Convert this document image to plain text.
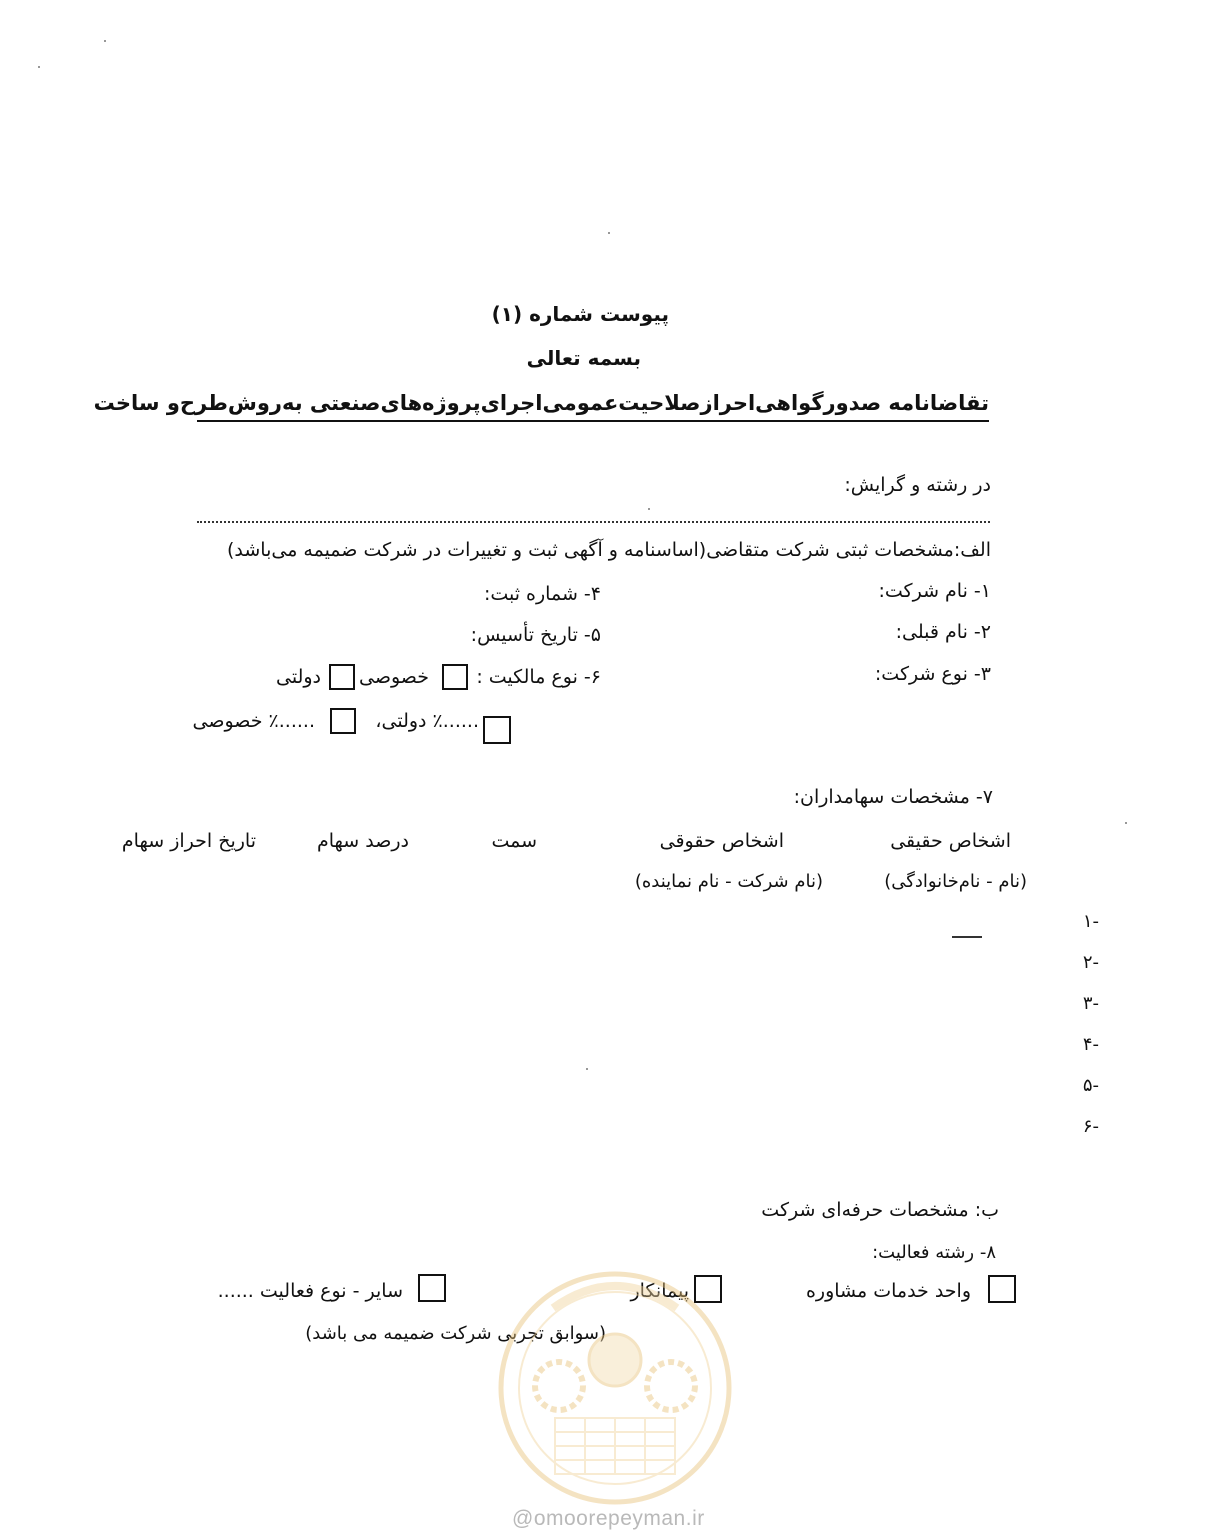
پیوست شماره (۱)
بسمه تعالی
تقاضانامه صدورگواهی‌احرازصلاحیت‌عمومی‌اجرای‌پروژه‌های‌صنعتی به‌روش‌طرح‌و ساخت
در رشته و گرایش:
الف:مشخصات ثبتی شرکت متقاضی(اساسنامه و آگهی ثبت و تغییرات در شرکت ضمیمه می‌باشد)
۱- نام شرکت:
۴- شماره ثبت:
۲- نام قبلی:
۵- تاریخ تأسیس:
۳- نوع شرکت:
۶- نوع مالکیت :
خصوصی
دولتی
......٪ دولتی،
......٪ خصوصی
۷- مشخصات سهامداران:
اشخاص حقیقی
اشخاص حقوقی
سمت
درصد سهام
تاریخ احراز سهام
(نام - نام‌خانوادگی)
(نام شرکت - نام نماینده)
-۱
-۲
-۳
-۴
-۵
-۶
ب: مشخصات حرفه‌ای شرکت
۸- رشته فعالیت:
واحد خدمات مشاوره
پیمانکار
سایر - نوع فعالیت ......
(سوابق تجربی شرکت ضمیمه می باشد)
@omoorepeyman.ir
